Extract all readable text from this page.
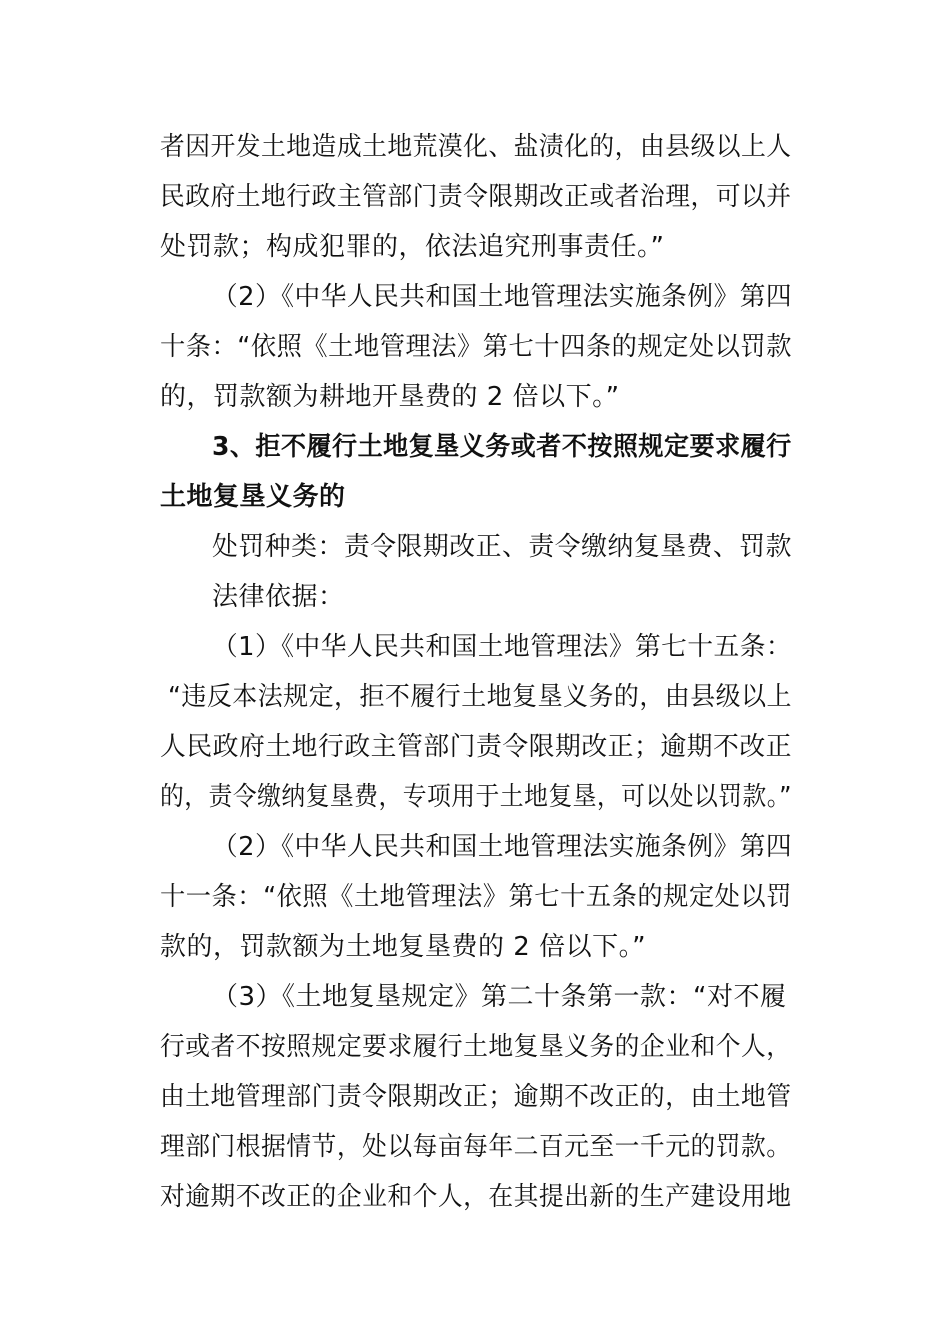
者因开发土地造成土地荒漠化、盐渍化的，由县级以上人
民政府土地行政主管部门责令限期改正或者治理，可以并
处罚款；构成犯罪的，依法追究刑事责任。”
（2）《中华人民共和国土地管理法实施条例》第四
十条：“依照《土地管理法》第七十四条的规定处以罚款
的，罚款额为耕地开垦费的 2 倍以下。”
3、拒不履行土地复垦义务或者不按照规定要求履行
土地复垦义务的
处罚种类：责令限期改正、责令缴纳复垦费、罚款
法律依据：
（1）《中华人民共和国土地管理法》第七十五条：
“违反本法规定，拒不履行土地复垦义务的，由县级以上
人民政府土地行政主管部门责令限期改正；逾期不改正
的，责令缴纳复垦费，专项用于土地复垦，可以处以罚款。”
（2）《中华人民共和国土地管理法实施条例》第四
十一条：“依照《土地管理法》第七十五条的规定处以罚
款的，罚款额为土地复垦费的 2 倍以下。”
（3）《土地复垦规定》第二十条第一款：“对不履
行或者不按照规定要求履行土地复垦义务的企业和个人，
由土地管理部门责令限期改正；逾期不改正的，由土地管
理部门根据情节，处以每亩每年二百元至一千元的罚款。
对逾期不改正的企业和个人，在其提出新的生产建设用地
